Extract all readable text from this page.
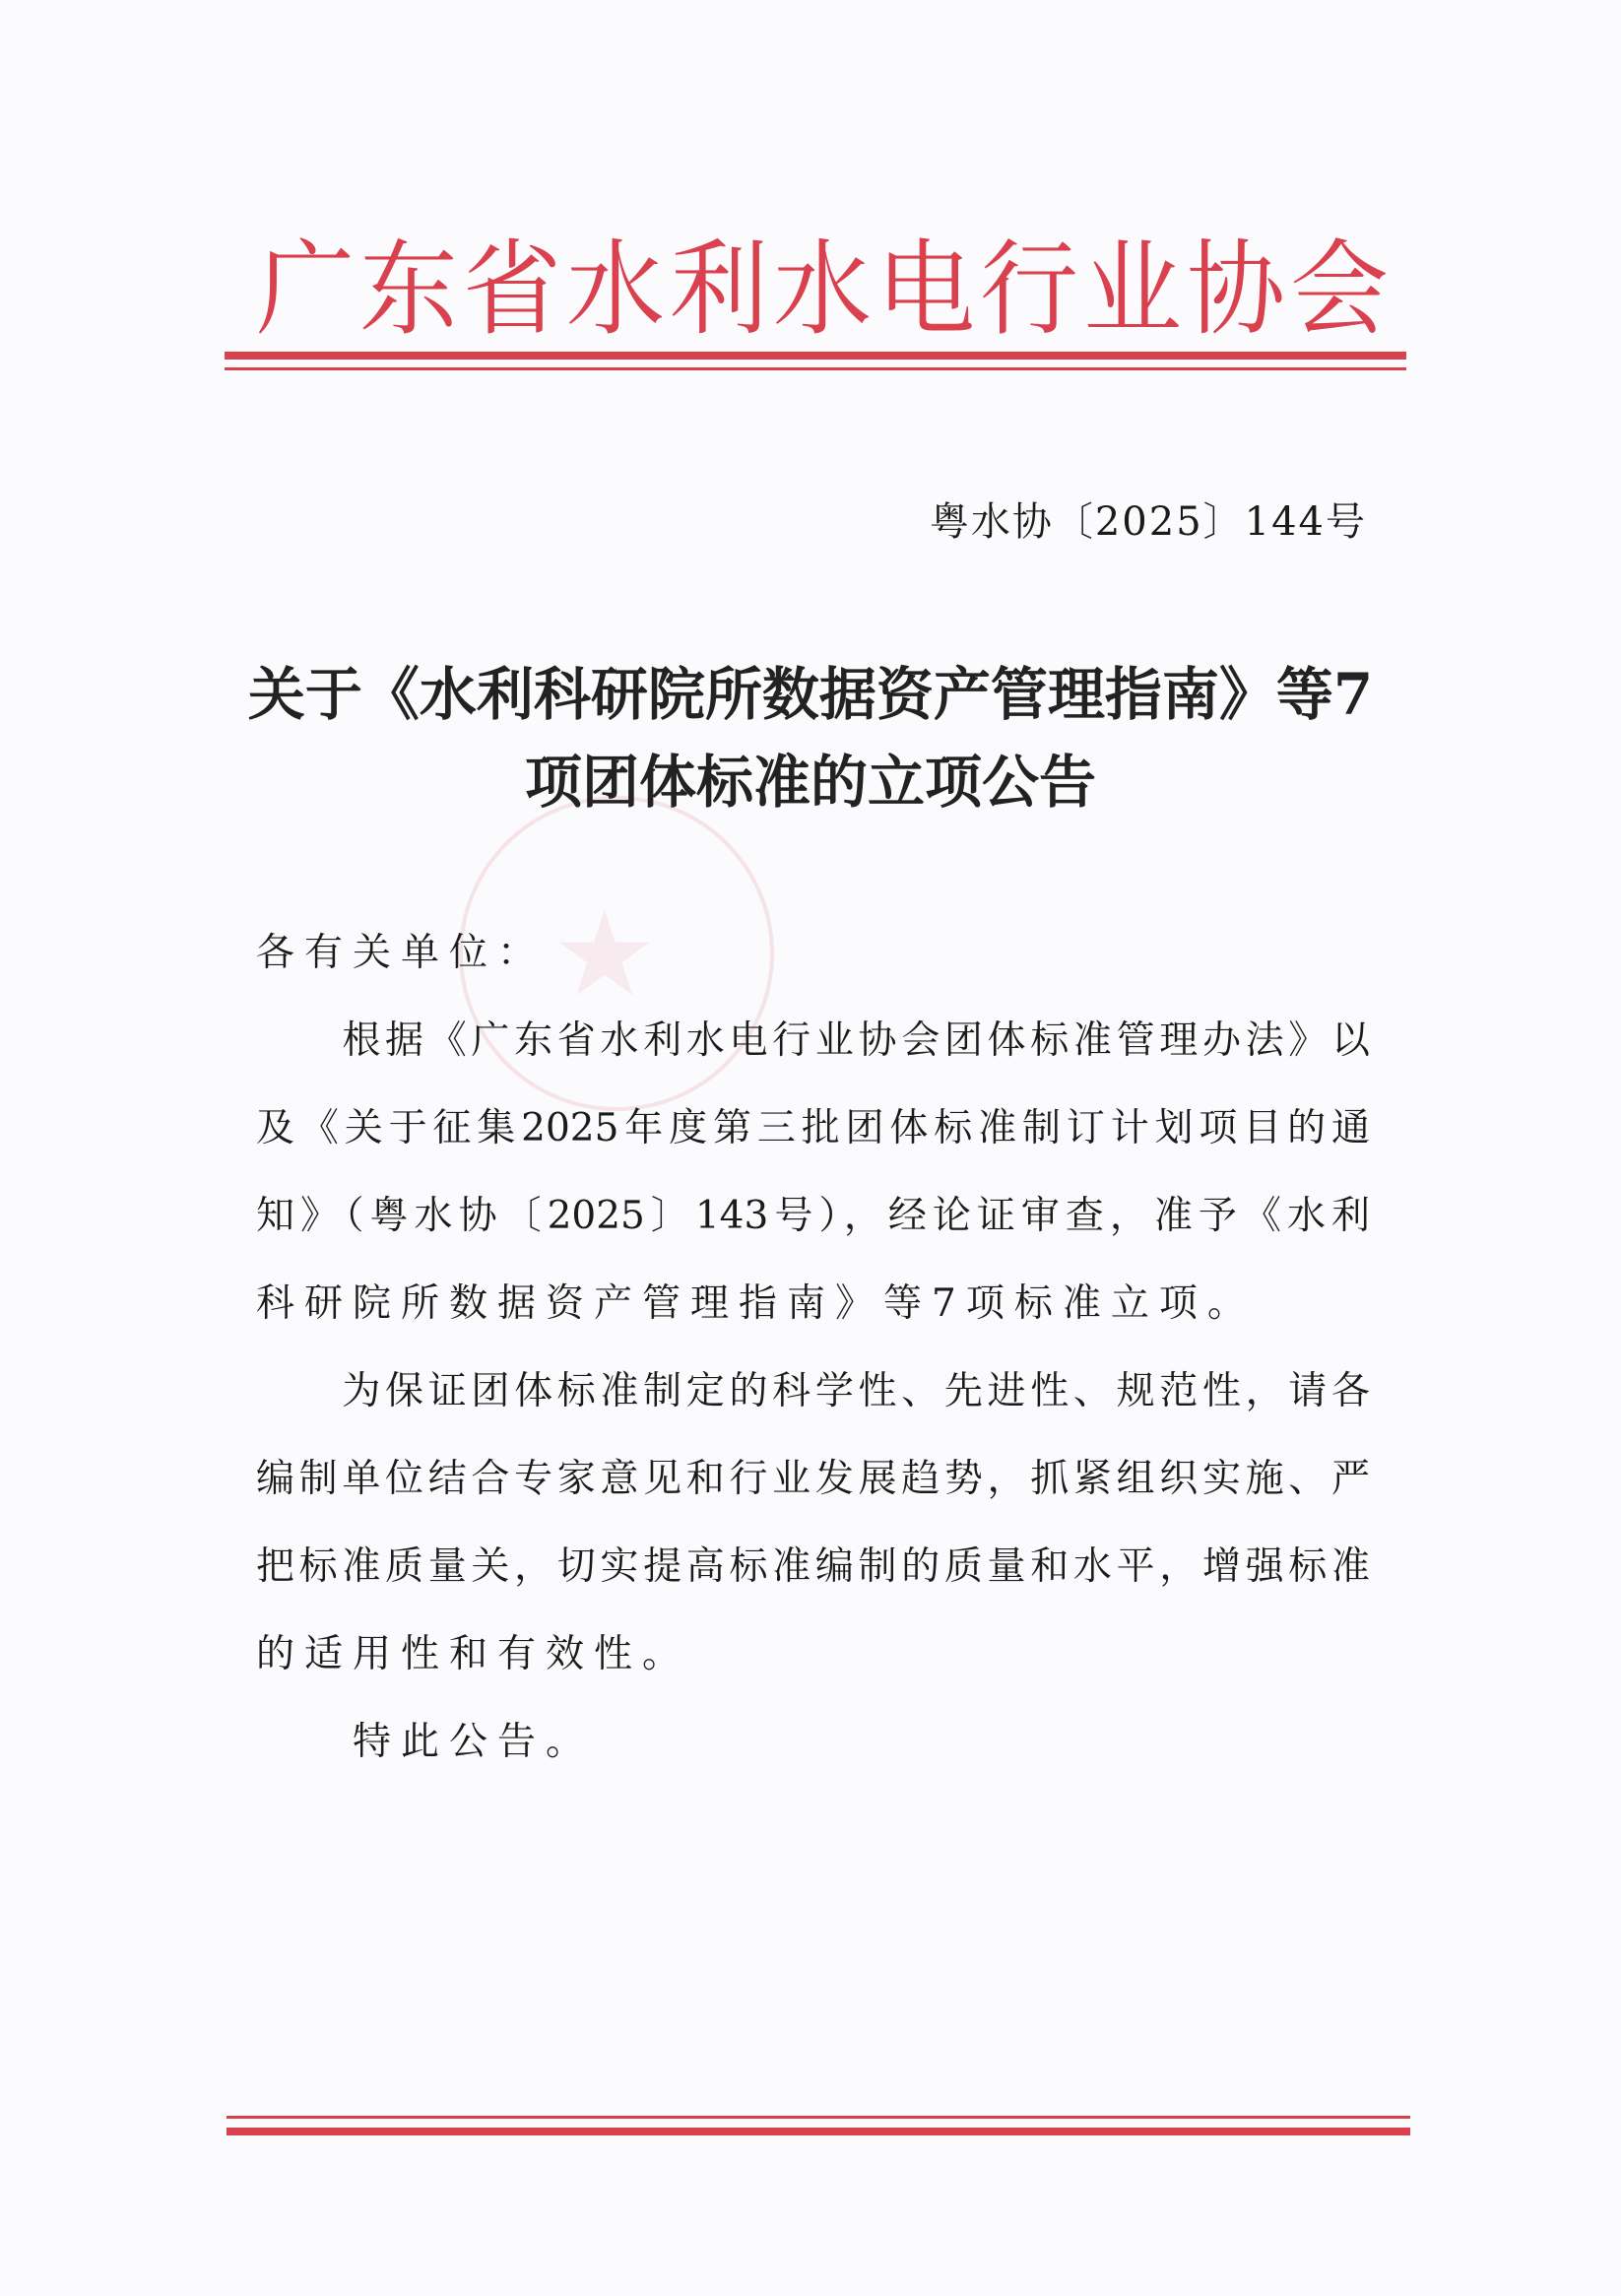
广 东 省 水 利 水 电 行 业 协 会
粤水协〔2025〕144号
★
关于《水利科研院所数据资产管理指南》等7
项团体标准的立项公告
各有关单位：
　　根据《广东省水利水电行业协会团体标准管理办法》以
及《关于征集2025年度第三批团体标准制订计划项目的通
知》（粤水协〔2025〕143号），经论证审查，准予《水利
科研院所数据资产管理指南》等7项标准立项。
　　为保证团体标准制定的科学性、先进性、规范性，请各
编制单位结合专家意见和行业发展趋势，抓紧组织实施、严
把标准质量关，切实提高标准编制的质量和水平，增强标准
的适用性和有效性。
　　特此公告。
